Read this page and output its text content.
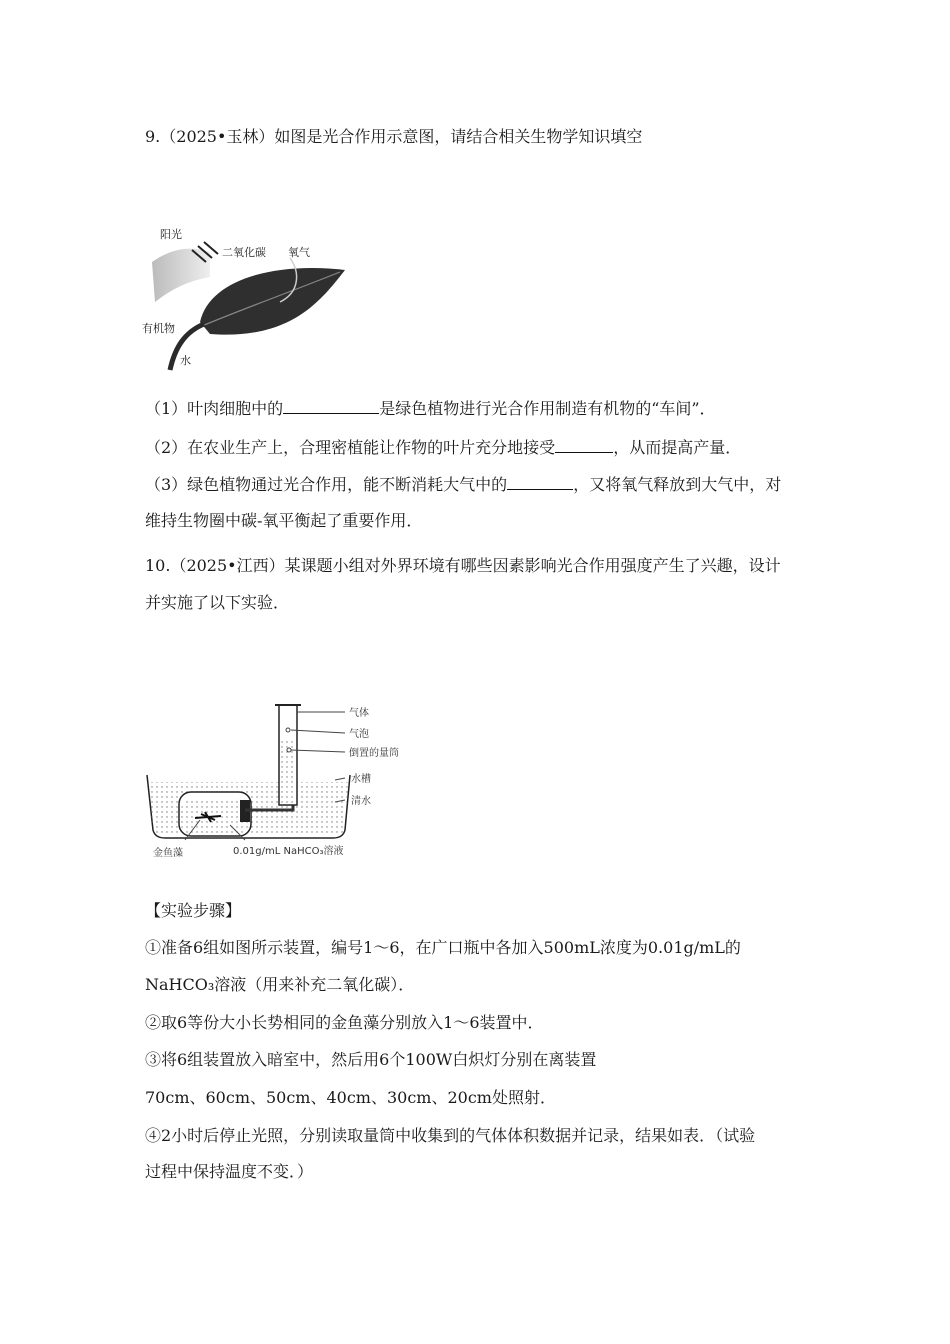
9.（2025•玉林）如图是光合作用示意图，请结合相关生物学知识填空
阳光
二氧化碳 氧气
有机物
水
（1）叶肉细胞中的	是绿色植物进行光合作用制造有机物的“车间”．
（2）在农业生产上，合理密植能让作物的叶片充分地接受	，从而提高产量．
（3）绿色植物通过光合作用，能不断消耗大气中的	，又将氧气释放到大气中，对
维持生物圈中碳-氧平衡起了重要作用．
10.（2025•江西）某课题小组对外界环境有哪些因素影响光合作用强度产生了兴趣，设计
并实施了以下实验．
气体
气泡
倒置的量筒
水槽
清水
金鱼藻	0.01g/mL NaHCO₃溶液
【实验步骤】
①准备6组如图所示装置，编号1～6，在广口瓶中各加入500mL浓度为0.01g/mL的
NaHCO₃溶液（用来补充二氧化碳）．
②取6等份大小长势相同的金鱼藻分别放入1～6装置中．
③将6组装置放入暗室中，然后用6个100W白炽灯分别在离装置
70cm、60cm、50cm、40cm、30cm、20cm处照射．
④2小时后停止光照，分别读取量筒中收集到的气体体积数据并记录，结果如表．（试验
过程中保持温度不变．）
